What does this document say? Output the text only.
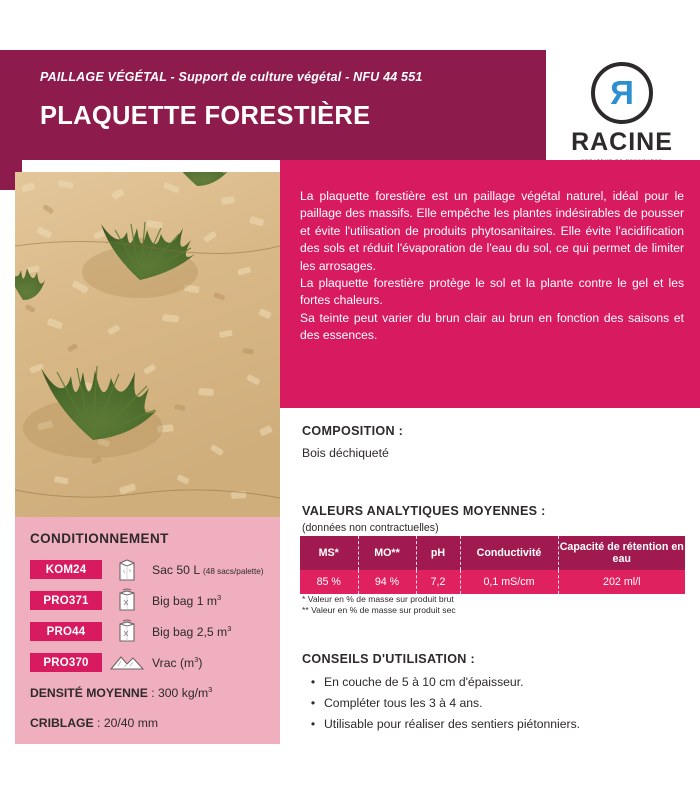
PAILLAGE VÉGÉTAL - Support de culture végétal - NFU 44 551
PLAQUETTE FORESTIÈRE
R
RACINE

La plaquette forestière est un paillage végétal naturel, idéal pour le paillage des massifs. Elle empêche les plantes indésirables de pousser et évite l'utilisation de produits phytosanitaires. Elle évite l'acidification des sols et réduit l'évaporation de l'eau du sol, ce qui permet de limiter les arrosages.

La plaquette forestière protège le sol et la plante contre le gel et les fortes chaleurs.

Sa teinte peut varier du brun clair au brun en fonction des saisons et des essences.

COMPOSITION :
Bois déchiqueté
VALEURS ANALYTIQUES MOYENNES :
(données non contractuelles)
MS*	MO**	pH	Conductivité	Capacité de rétention en eau
85 %	94 %	7,2	0,1 mS/cm	202 ml/l
* Valeur en % de masse sur produit brut
** Valeur en % de masse sur produit sec
CONSEILS D'UTILISATION :
• En couche de 5 à 10 cm d'épaisseur.
• Compléter tous les 3 à 4 ans.
• Utilisable pour réaliser des sentiers piétonniers.
CONDITIONNEMENT
KOM24	Sac 50 L (48 sacs/palette)
PRO371	Big bag 1 $m^3$
PRO44	Big bag 2,5 $m^3$
PRO370	Vrac $(m^3)$
DENSITÉ MOYENNE : 300 $kg/m^3$
CRIBLAGE : 20/40 mm
